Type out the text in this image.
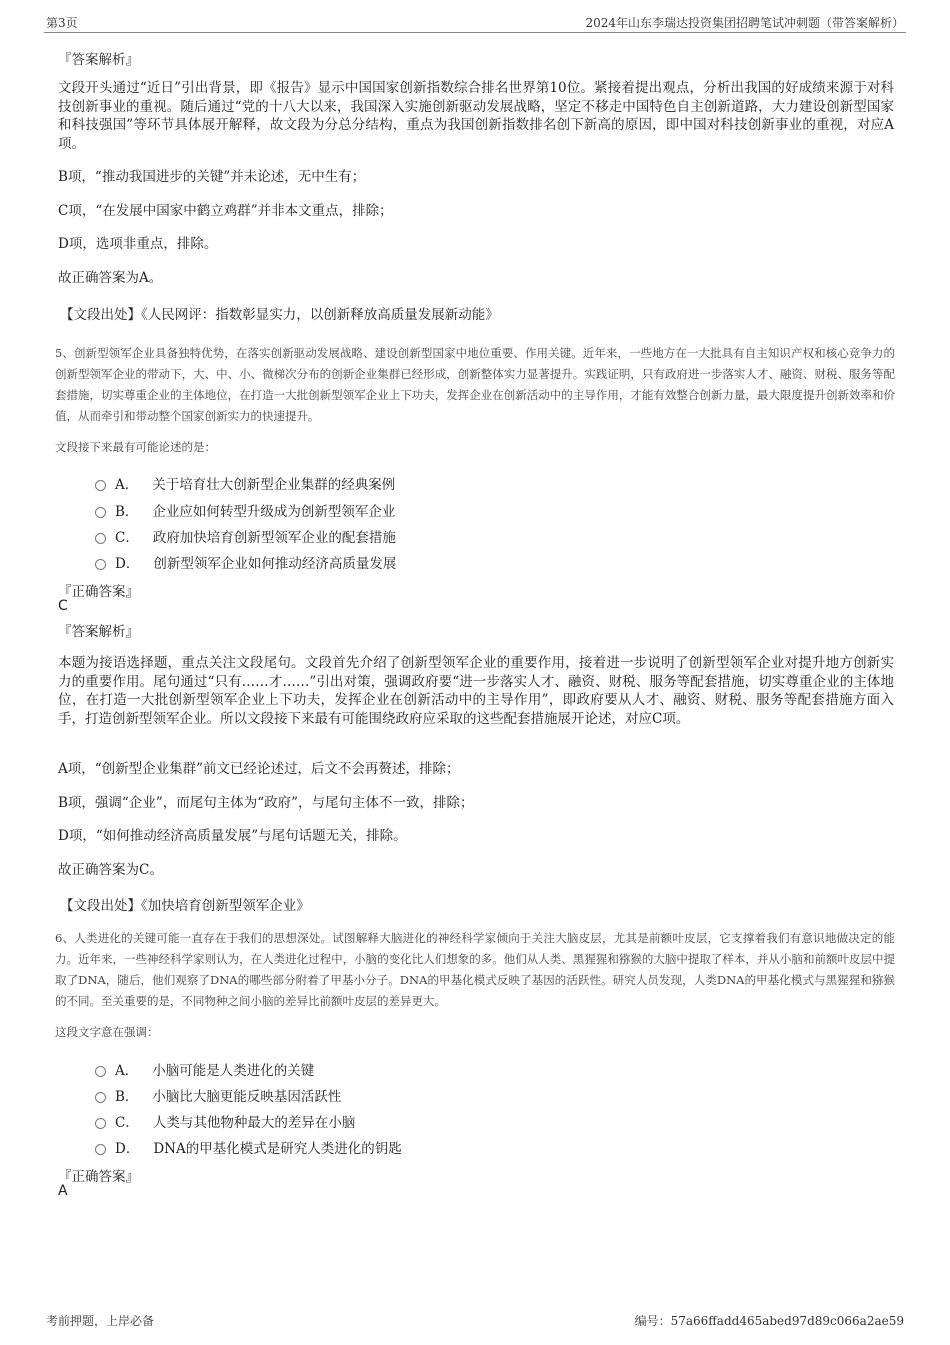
第3页	2024年山东李瑞达投资集团招聘笔试冲刺题（带答案解析）
『答案解析』
文段开头通过“近日”引出背景，即《报告》显示中国国家创新指数综合排名世界第10位。紧接着提出观点，分析出我国的好成绩来源于对科技创新事业的重视。随后通过“党的十八大以来，我国深入实施创新驱动发展战略，坚定不移走中国特色自主创新道路，大力建设创新型国家和科技强国”等环节具体展开解释，故文段为分总分结构，重点为我国创新指数排名创下新高的原因，即中国对科技创新事业的重视，对应A项。
B项，“推动我国进步的关键”并未论述，无中生有；
C项，“在发展中国家中鹤立鸡群”并非本文重点，排除；
D项，选项非重点，排除。
故正确答案为A。
【文段出处】《人民网评：指数彰显实力，以创新释放高质量发展新动能》
5、创新型领军企业具备独特优势，在落实创新驱动发展战略、建设创新型国家中地位重要、作用关键。近年来，一些地方在一大批具有自主知识产权和核心竞争力的创新型领军企业的带动下，大、中、小、微梯次分布的创新企业集群已经形成，创新整体实力显著提升。实践证明，只有政府进一步落实人才、融资、财税、服务等配套措施，切实尊重企业的主体地位，在打造一大批创新型领军企业上下功夫，发挥企业在创新活动中的主导作用，才能有效整合创新力量，最大限度提升创新效率和价值，从而牵引和带动整个国家创新实力的快速提升。
文段接下来最有可能论述的是：
A． 关于培育壮大创新型企业集群的经典案例
B． 企业应如何转型升级成为创新型领军企业
C． 政府加快培育创新型领军企业的配套措施
D． 创新型领军企业如何推动经济高质量发展
『正确答案』
C
『答案解析』
本题为接语选择题，重点关注文段尾句。文段首先介绍了创新型领军企业的重要作用，接着进一步说明了创新型领军企业对提升地方创新实力的重要作用。尾句通过“只有……才……”引出对策，强调政府要“进一步落实人才、融资、财税、服务等配套措施，切实尊重企业的主体地位，在打造一大批创新型领军企业上下功夫，发挥企业在创新活动中的主导作用”，即政府要从人才、融资、财税、服务等配套措施方面入手，打造创新型领军企业。所以文段接下来最有可能围绕政府应采取的这些配套措施展开论述，对应C项。
A项，“创新型企业集群”前文已经论述过，后文不会再赘述，排除；
B项，强调“企业”，而尾句主体为“政府”，与尾句主体不一致，排除；
D项，“如何推动经济高质量发展”与尾句话题无关，排除。
故正确答案为C。
【文段出处】《加快培育创新型领军企业》
6、人类进化的关键可能一直存在于我们的思想深处。试图解释大脑进化的神经科学家倾向于关注大脑皮层，尤其是前额叶皮层，它支撑着我们有意识地做决定的能力。近年来，一些神经科学家则认为，在人类进化过程中，小脑的变化比人们想象的多。他们从人类、黑猩猩和猕猴的大脑中提取了样本，并从小脑和前额叶皮层中提取了DNA，随后，他们观察了DNA的哪些部分附着了甲基小分子。DNA的甲基化模式反映了基因的活跃性。研究人员发现，人类DNA的甲基化模式与黑猩猩和猕猴的不同。至关重要的是，不同物种之间小脑的差异比前额叶皮层的差异更大。
这段文字意在强调：
A． 小脑可能是人类进化的关键
B． 小脑比大脑更能反映基因活跃性
C． 人类与其他物种最大的差异在小脑
D． DNA的甲基化模式是研究人类进化的钥匙
『正确答案』
A
考前押题，上岸必备	编号：57a66ffadd465abed97d89c066a2ae59
